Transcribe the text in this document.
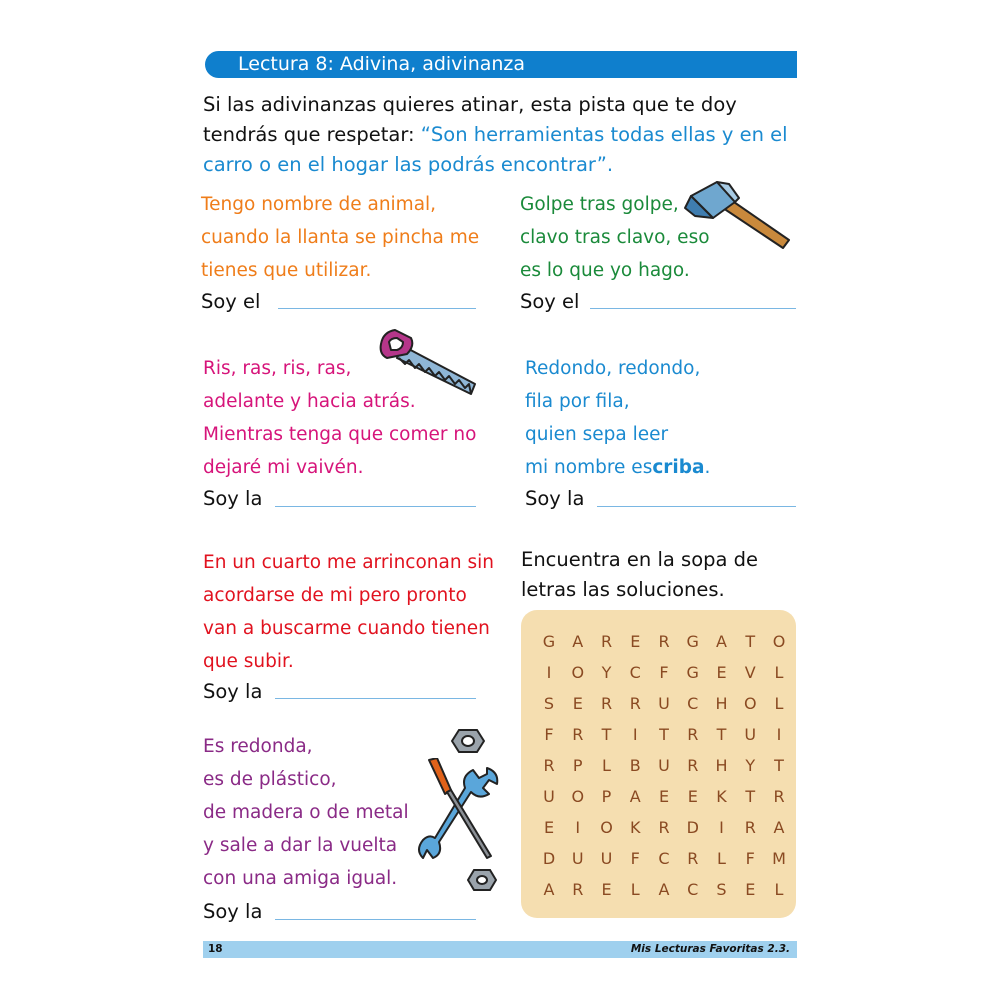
Lectura 8: Adivina, adivinanza
Si las adivinanzas quieres atinar, esta pista que te doy tendrás que respetar: “Son herramientas todas ellas y en el carro o en el hogar las podrás encontrar”.
Tengo nombre de animal,
cuando la llanta se pincha me
tienes que utilizar.
Soy el
Golpe tras golpe,
clavo tras clavo, eso
es lo que yo hago.
Soy el
Ris, ras, ris, ras,
adelante y hacia atrás.
Mientras tenga que comer no
dejaré mi vaivén.
Soy la
Redondo, redondo,
fila por fila,
quien sepa leer
mi nombre escriba.
Soy la
En un cuarto me arrinconan sin
acordarse de mi pero pronto
van a buscarme cuando tienen
que subir.
Soy la
Es redonda,
es de plástico,
de madera o de metal
y sale a dar la vuelta
con una amiga igual.
Soy la
Encuentra en la sopa de letras las soluciones.
G A R	E	R G A	T	O
I	O	Y	C	F	G	E	V	L
S	E	R R U C H O	L
F	R	T	I	T	R	T	U	I
R	P	L	B U R H	Y	T
U O	P	A	E	E	K	T	R
E	I	O K R D	I	R A
D U U	F	C R	L	F	M
A R	E	L	A C	S	E	L
18	Mis Lecturas Favoritas 2.3.
